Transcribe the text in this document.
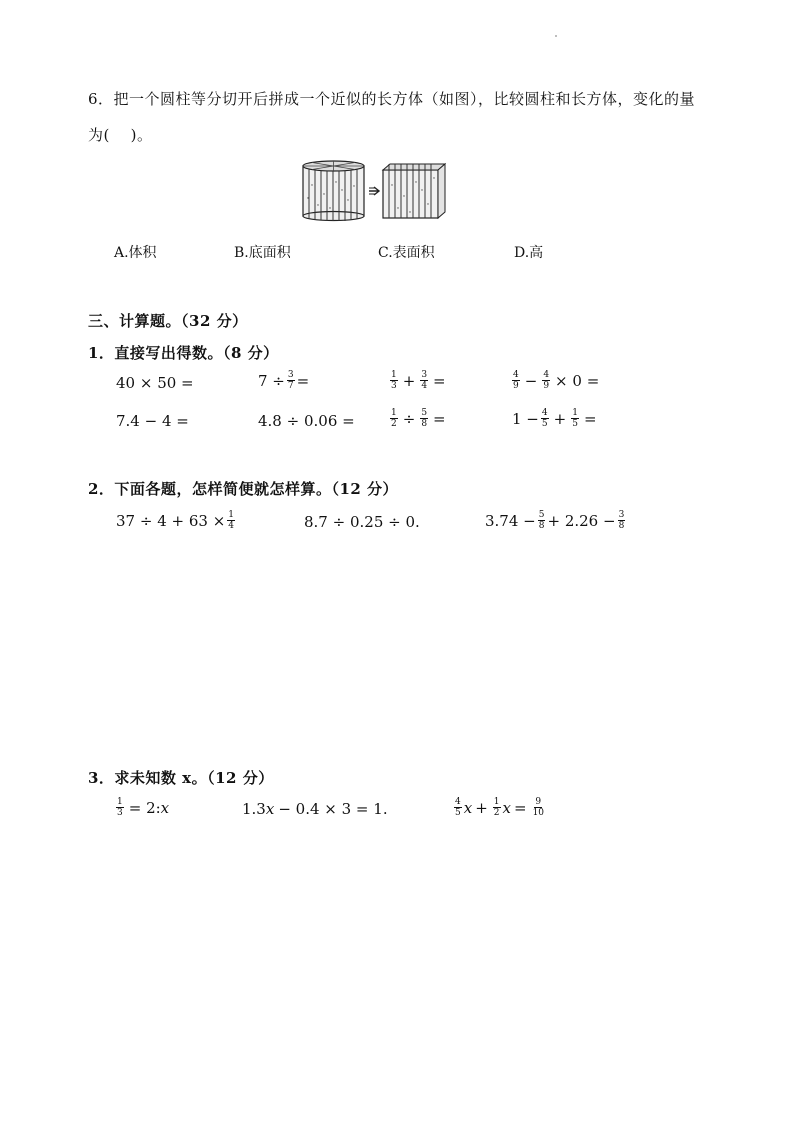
6．把一个圆柱等分切开后拼成一个近似的长方体（如图），比较圆柱和长方体，变化的量
为(　 )。
A.体积	B.底面积	C.表面积	D.高
三、计算题。（32 分）
1．直接写出得数。（8 分）
40 × 50 =	$7 \div \frac{3}{7}$ =	$\frac{1}{3} + \frac{3}{4}$ =	$\frac{4}{9} - \frac{4}{9} \times 0$ =
7.4 − 4 =	4.8 ÷ 0.06 =	$\frac{1}{2} \div \frac{5}{8}$ =	$1 - \frac{4}{5} + \frac{1}{5}$ =
2．下面各题，怎样简便就怎样算。（12 分）
$37 \div 4 + 63 \times \frac{1}{4}$	8.7 ÷ 0.25 ÷ 0.	$3.74 - \frac{5}{8} + 2.26 - \frac{3}{8}$
3．求未知数 x。（12 分）
$\frac{1}{3} = 2$: x	1.3 x − 0.4 × 3 = 1.	$\frac{4}{5}$ $x + \frac{1}{2}$ $x = \frac{9}{10}$
